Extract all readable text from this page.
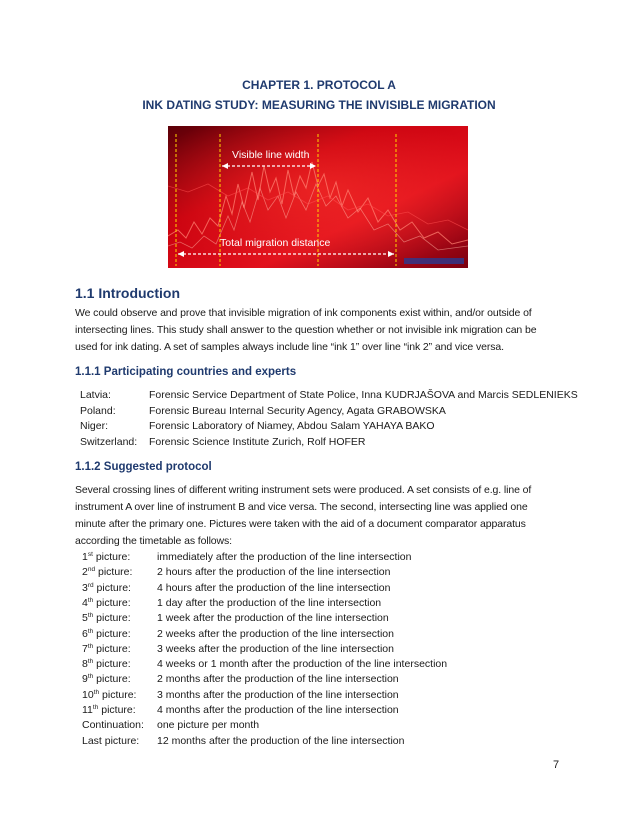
CHAPTER 1. PROTOCOL A
INK DATING STUDY: MEASURING THE INVISIBLE MIGRATION
Visible line width
Total migration distance
1.1 Introduction
We could observe and prove that invisible migration of ink components exist within, and/or outside of
intersecting lines. This study shall answer to the question whether or not invisible ink migration can be
used for ink dating. A set of samples always include line “ink 1” over line “ink 2” and vice versa.
1.1.1 Participating countries and experts
Latvia:	Forensic Service Department of State Police, Inna KUDRJAŠOVA and Marcis SEDLENIEKS
Poland:	Forensic Bureau Internal Security Agency, Agata GRABOWSKA
Niger:	Forensic Laboratory of Niamey, Abdou Salam YAHAYA BAKO
Switzerland: Forensic Science Institute Zurich, Rolf HOFER
1.1.2 Suggested protocol
Several crossing lines of different writing instrument sets were produced. A set consists of e.g. line of
instrument A over line of instrument B and vice versa. The second, intersecting line was applied one
minute after the primary one. Pictures were taken with the aid of a document comparator apparatus
according the timetable as follows:
1st picture:	immediately after the production of the line intersection
2nd picture: 2 hours after the production of the line intersection
3rd picture: 4 hours after the production of the line intersection
4th picture:	1 day after the production of the line intersection
5th picture:	1 week after the production of the line intersection
6th picture:	2 weeks after the production of the line intersection
7th picture:	3 weeks after the production of the line intersection
8th picture:	4 weeks or 1 month after the production of the line intersection
9th picture:	2 months after the production of the line intersection
10th picture: 3 months after the production of the line intersection
11th picture: 4 months after the production of the line intersection
Continuation: one picture per month
Last picture: 12 months after the production of the line intersection
7
